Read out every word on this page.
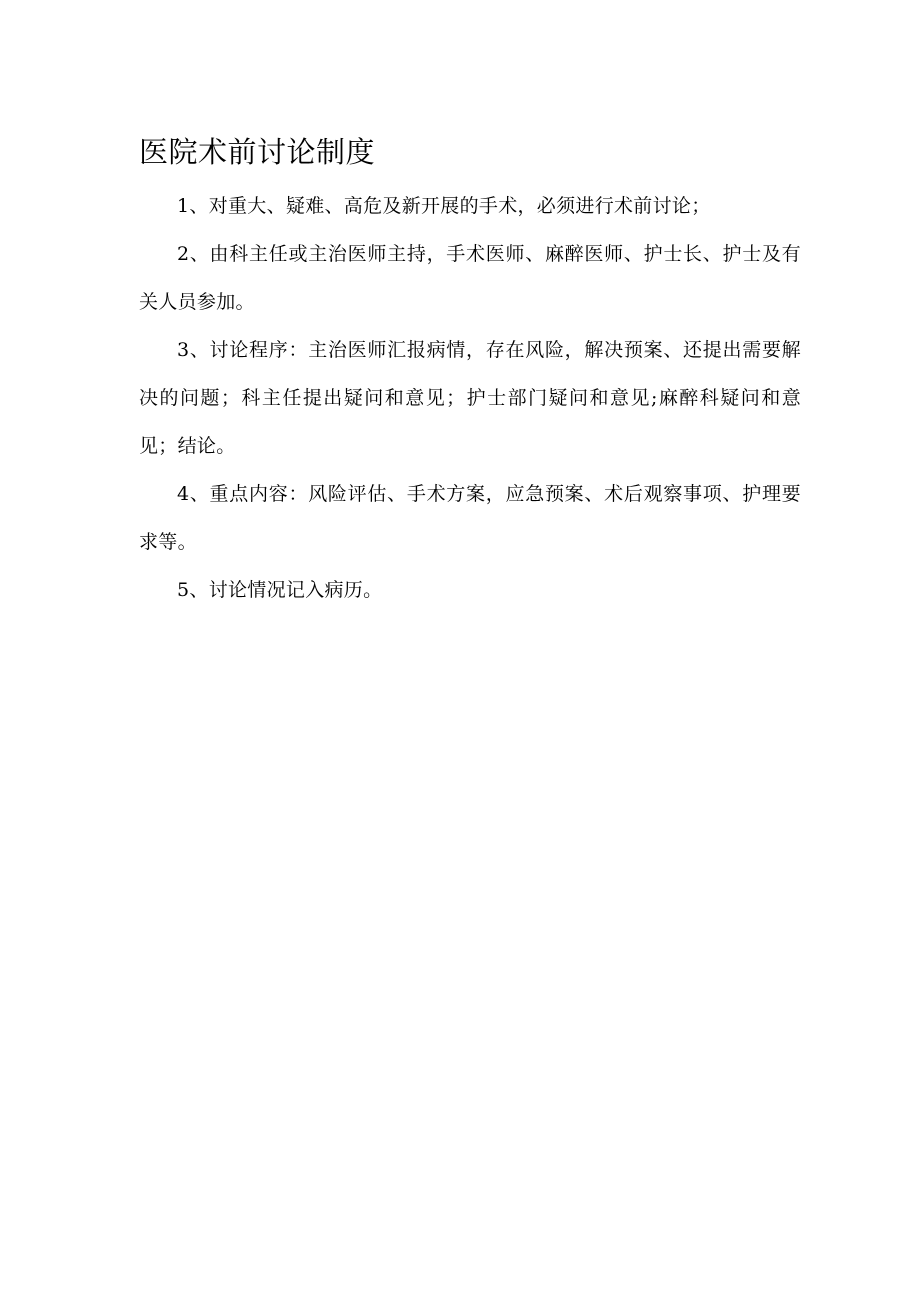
医院术前讨论制度

1、对重大、疑难、高危及新开展的手术，必须进行术前讨论；

2、由科主任或主治医师主持，手术医师、麻醉医师、护士长、护士及有关人员参加。

3、讨论程序：主治医师汇报病情，存在风险，解决预案、还提出需要解决的问题；科主任提出疑问和意见；护士部门疑问和意见;麻醉科疑问和意见；结论。

4、重点内容：风险评估、手术方案，应急预案、术后观察事项、护理要求等。

5、讨论情况记入病历。
